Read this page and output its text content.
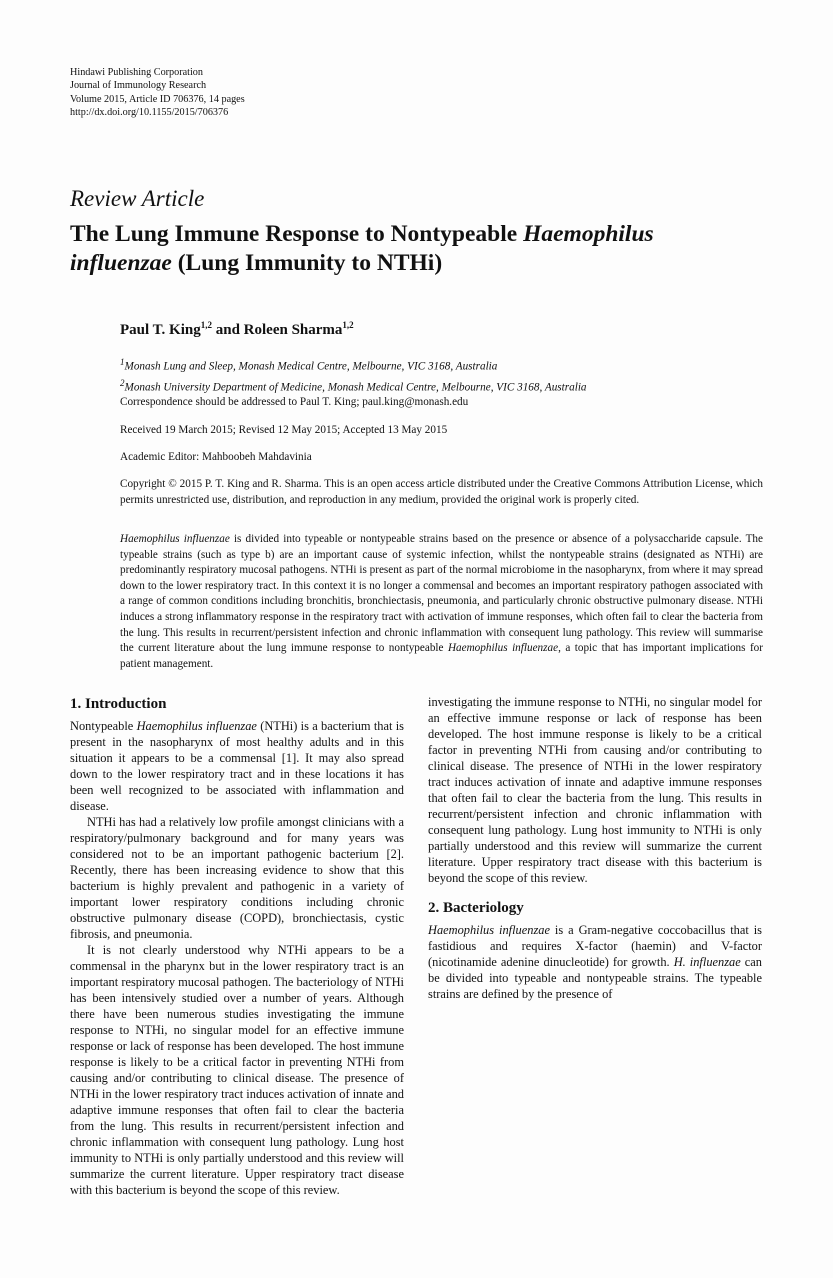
Hindawi Publishing Corporation
Journal of Immunology Research
Volume 2015, Article ID 706376, 14 pages
http://dx.doi.org/10.1155/2015/706376
Review Article
The Lung Immune Response to Nontypeable Haemophilus
influenzae (Lung Immunity to NTHi)
Paul T. King$^{1,2}$ and Roleen Sharma$^{1,2}$
$^1$Monash Lung and Sleep, Monash Medical Centre, Melbourne, VIC 3168, Australia
$^2$Monash University Department of Medicine, Monash Medical Centre, Melbourne, VIC 3168, Australia
Correspondence should be addressed to Paul T. King; paul.king@monash.edu
Received 19 March 2015; Revised 12 May 2015; Accepted 13 May 2015
Academic Editor: Mahboobeh Mahdavinia
Copyright © 2015 P. T. King and R. Sharma. This is an open access article distributed under the Creative Commons Attribution License, which permits unrestricted use, distribution, and reproduction in any medium, provided the original work is properly cited.
Haemophilus influenzae is divided into typeable or nontypeable strains based on the presence or absence of a polysaccharide capsule. The typeable strains (such as type b) are an important cause of systemic infection, whilst the nontypeable strains (designated as NTHi) are predominantly respiratory mucosal pathogens. NTHi is present as part of the normal microbiome in the nasopharynx, from where it may spread down to the lower respiratory tract. In this context it is no longer a commensal and becomes an important respiratory pathogen associated with a range of common conditions including bronchitis, bronchiectasis, pneumonia, and particularly chronic obstructive pulmonary disease. NTHi induces a strong inflammatory response in the respiratory tract with activation of immune responses, which often fail to clear the bacteria from the lung. This results in recurrent/persistent infection and chronic inflammation with consequent lung pathology. This review will summarise the current literature about the lung immune response to nontypeable Haemophilus influenzae, a topic that has important implications for patient management.
1. Introduction

Nontypeable Haemophilus influenzae (NTHi) is a bacterium that is present in the nasopharynx of most healthy adults and in this situation it appears to be a commensal [1]. It may also spread down to the lower respiratory tract and in these locations it has been well recognized to be associated with inflammation and disease.

NTHi has had a relatively low profile amongst clinicians with a respiratory/pulmonary background and for many years was considered not to be an important pathogenic bacterium [2]. Recently, there has been increasing evidence to show that this bacterium is highly prevalent and pathogenic in a variety of important lower respiratory conditions including chronic obstructive pulmonary disease (COPD), bronchiectasis, cystic fibrosis, and pneumonia.

It is not clearly understood why NTHi appears to be a commensal in the pharynx but in the lower respiratory tract is an important respiratory mucosal pathogen. The bacteriology of NTHi has been intensively studied over a number of years. Although there have been numerous studies investigating the immune response to NTHi, no singular model for an effective immune response or lack of response has been developed. The host immune response is likely to be a critical factor in preventing NTHi from causing and/or contributing to clinical disease. The presence of NTHi in the lower respiratory tract induces activation of innate and adaptive immune responses that often fail to clear the bacteria from the lung. This results in recurrent/persistent infection and chronic inflammation with consequent lung pathology. Lung host immunity to NTHi is only partially understood and this review will summarize the current literature. Upper respiratory tract disease with this bacterium is beyond the scope of this review.

investigating the immune response to NTHi, no singular model for an effective immune response or lack of response has been developed. The host immune response is likely to be a critical factor in preventing NTHi from causing and/or contributing to clinical disease. The presence of NTHi in the lower respiratory tract induces activation of innate and adaptive immune responses that often fail to clear the bacteria from the lung. This results in recurrent/persistent infection and chronic inflammation with consequent lung pathology. Lung host immunity to NTHi is only partially understood and this review will summarize the current literature. Upper respiratory tract disease with this bacterium is beyond the scope of this review.

2. Bacteriology

Haemophilus influenzae is a Gram-negative coccobacillus that is fastidious and requires X-factor (haemin) and V-factor (nicotinamide adenine dinucleotide) for growth. H. influenzae can be divided into typeable and nontypeable strains. The typeable strains are defined by the presence of
